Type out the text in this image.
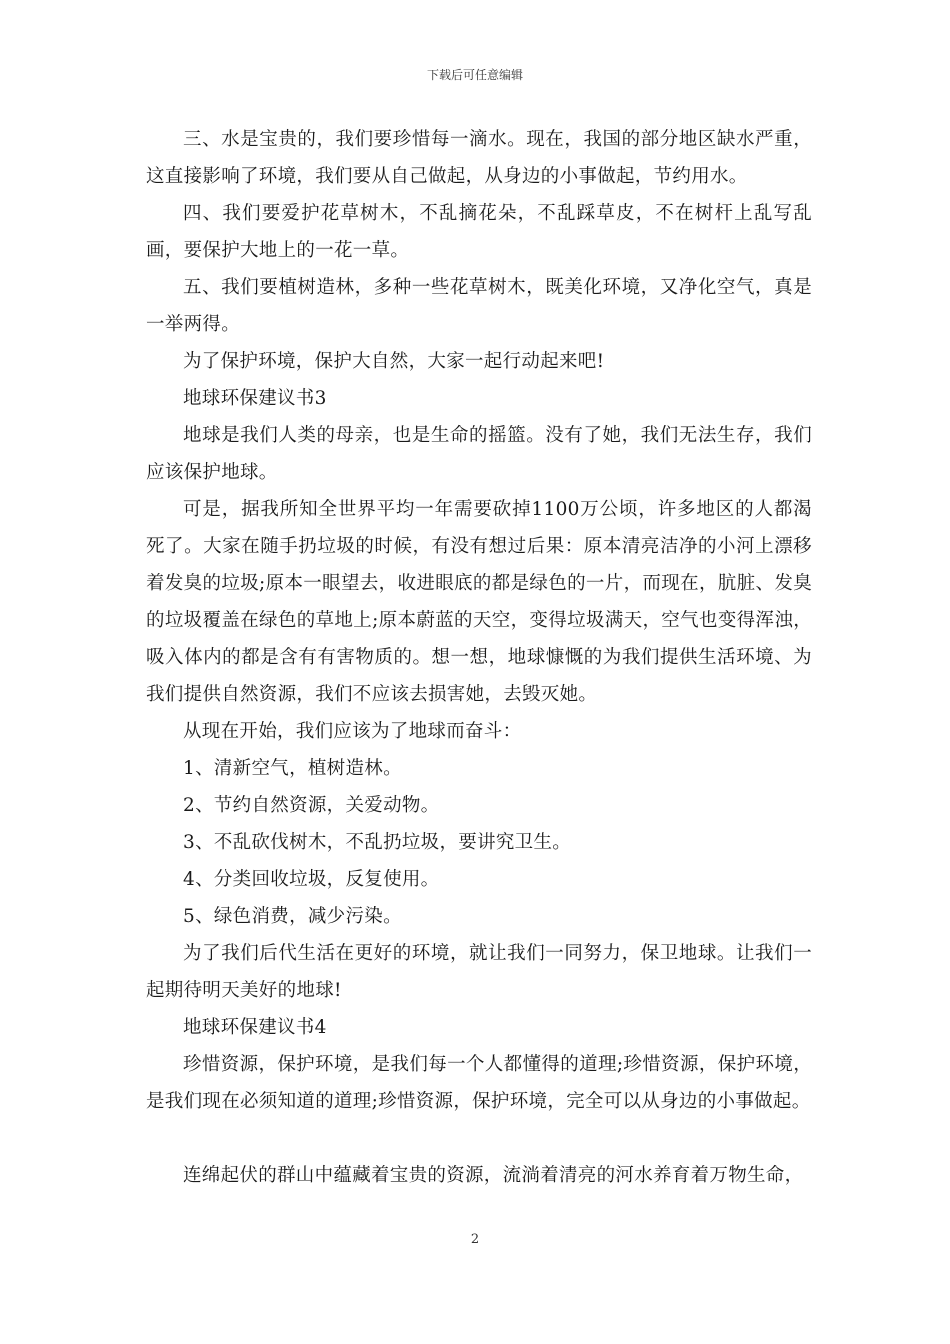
下载后可任意编辑

三、水是宝贵的，我们要珍惜每一滴水。现在，我国的部分地区缺水严重，这直接影响了环境，我们要从自己做起，从身边的小事做起，节约用水。

四、我们要爱护花草树木，不乱摘花朵，不乱踩草皮，不在树杆上乱写乱画，要保护大地上的一花一草。

五、我们要植树造林，多种一些花草树木，既美化环境，又净化空气，真是一举两得。

为了保护环境，保护大自然，大家一起行动起来吧!

地球环保建议书3

地球是我们人类的母亲，也是生命的摇篮。没有了她，我们无法生存，我们应该保护地球。

可是，据我所知全世界平均一年需要砍掉1100万公顷，许多地区的人都渴死了。大家在随手扔垃圾的时候，有没有想过后果：原本清亮洁净的小河上漂移着发臭的垃圾;原本一眼望去，收进眼底的都是绿色的一片，而现在，肮脏、发臭的垃圾覆盖在绿色的草地上;原本蔚蓝的天空，变得垃圾满天，空气也变得浑浊，吸入体内的都是含有有害物质的。想一想，地球慷慨的为我们提供生活环境、为我们提供自然资源，我们不应该去损害她，去毁灭她。

从现在开始，我们应该为了地球而奋斗：

1、清新空气，植树造林。

2、节约自然资源，关爱动物。

3、不乱砍伐树木，不乱扔垃圾，要讲究卫生。

4、分类回收垃圾，反复使用。

5、绿色消费，减少污染。

为了我们后代生活在更好的环境，就让我们一同努力，保卫地球。让我们一起期待明天美好的地球!

地球环保建议书4

珍惜资源，保护环境，是我们每一个人都懂得的道理;珍惜资源，保护环境，是我们现在必须知道的道理;珍惜资源，保护环境，完全可以从身边的小事做起。

连绵起伏的群山中蕴藏着宝贵的资源，流淌着清亮的河水养育着万物生命，

2
